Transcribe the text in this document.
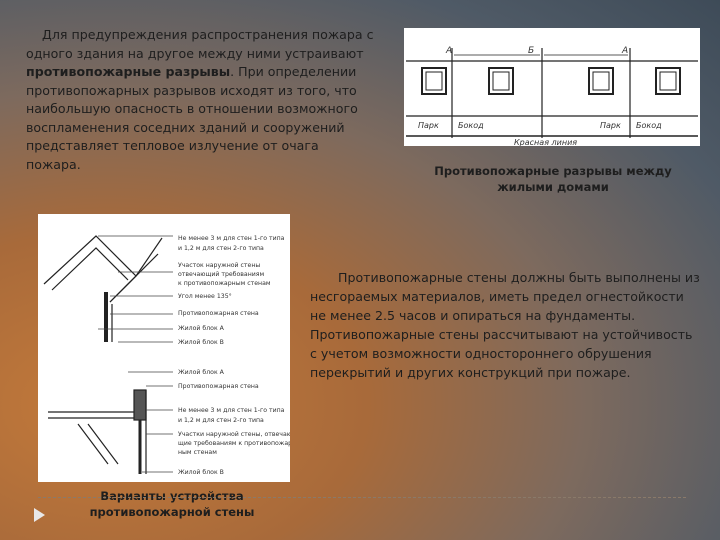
Для предупреждения распространения пожара с одного здания на другое между ними устраивают противопожарные разрывы. При определении противопожарных разрывов исходят из того, что наибольшую опасность в отношении возможного воспламенения соседних зданий и сооружений представляет тепловое излучение от очага пожара.
А	Б	А
Парк Бокод	Парк Бокод
Красная линия
Противопожарные разрывы между жилыми домами
Не менее 3 м для стен 1-го типа и 1,2 м для стен 2-го типа Участок наружной стены отвечающий требованиям к противопожарным стенам Угол менее 135° Противопожарная стена Жилой блок А Жилой блок В Жилой блок А Противопожарная стена Не менее 3 м для стен 1-го типа и 1,2 м для стен 2-го типа Участки наружной стены, отвечаю- щие требованиям к противопожар- ным стенам Жилой блок В
Варианты устройства противопожарной стены
Противопожарные стены должны быть выполнены из несгораемых материалов, иметь предел огнестойкости не менее 2.5 часов и опираться на фундаменты. Противопожарные стены рассчитывают на устойчивость с учетом возможности одностороннего обрушения перекрытий и других конструкций при пожаре.
